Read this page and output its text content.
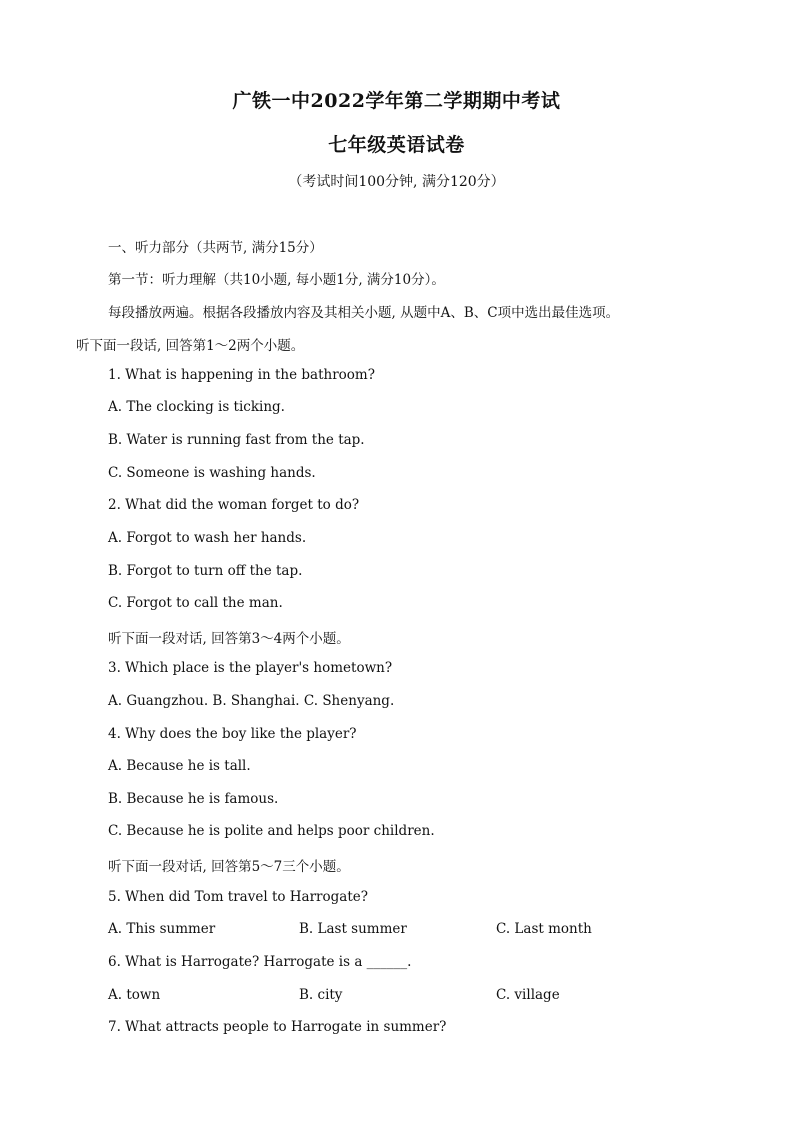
广铁一中2022学年第二学期期中考试
七年级英语试卷
（考试时间100分钟, 满分120分）
一、听力部分（共两节, 满分15分）
第一节：听力理解（共10小题, 每小题1分, 满分10分）。
每段播放两遍。根据各段播放内容及其相关小题, 从题中A、B、C项中选出最佳选项。
听下面一段话, 回答第1～2两个小题。
1. What is happening in the bathroom?
A. The clocking is ticking.
B. Water is running fast from the tap.
C. Someone is washing hands.
2. What did the woman forget to do?
A. Forgot to wash her hands.
B. Forgot to turn off the tap.
C. Forgot to call the man.
听下面一段对话, 回答第3～4两个小题。
3. Which place is the player's hometown?
A. Guangzhou. B. Shanghai. C. Shenyang.
4. Why does the boy like the player?
A. Because he is tall.
B. Because he is famous.
C. Because he is polite and helps poor children.
听下面一段对话, 回答第5～7三个小题。
5. When did Tom travel to Harrogate?
A. This summer	B. Last summer	C. Last month
6. What is Harrogate? Harrogate is a ______.
A. town	B. city	C. village
7. What attracts people to Harrogate in summer?
